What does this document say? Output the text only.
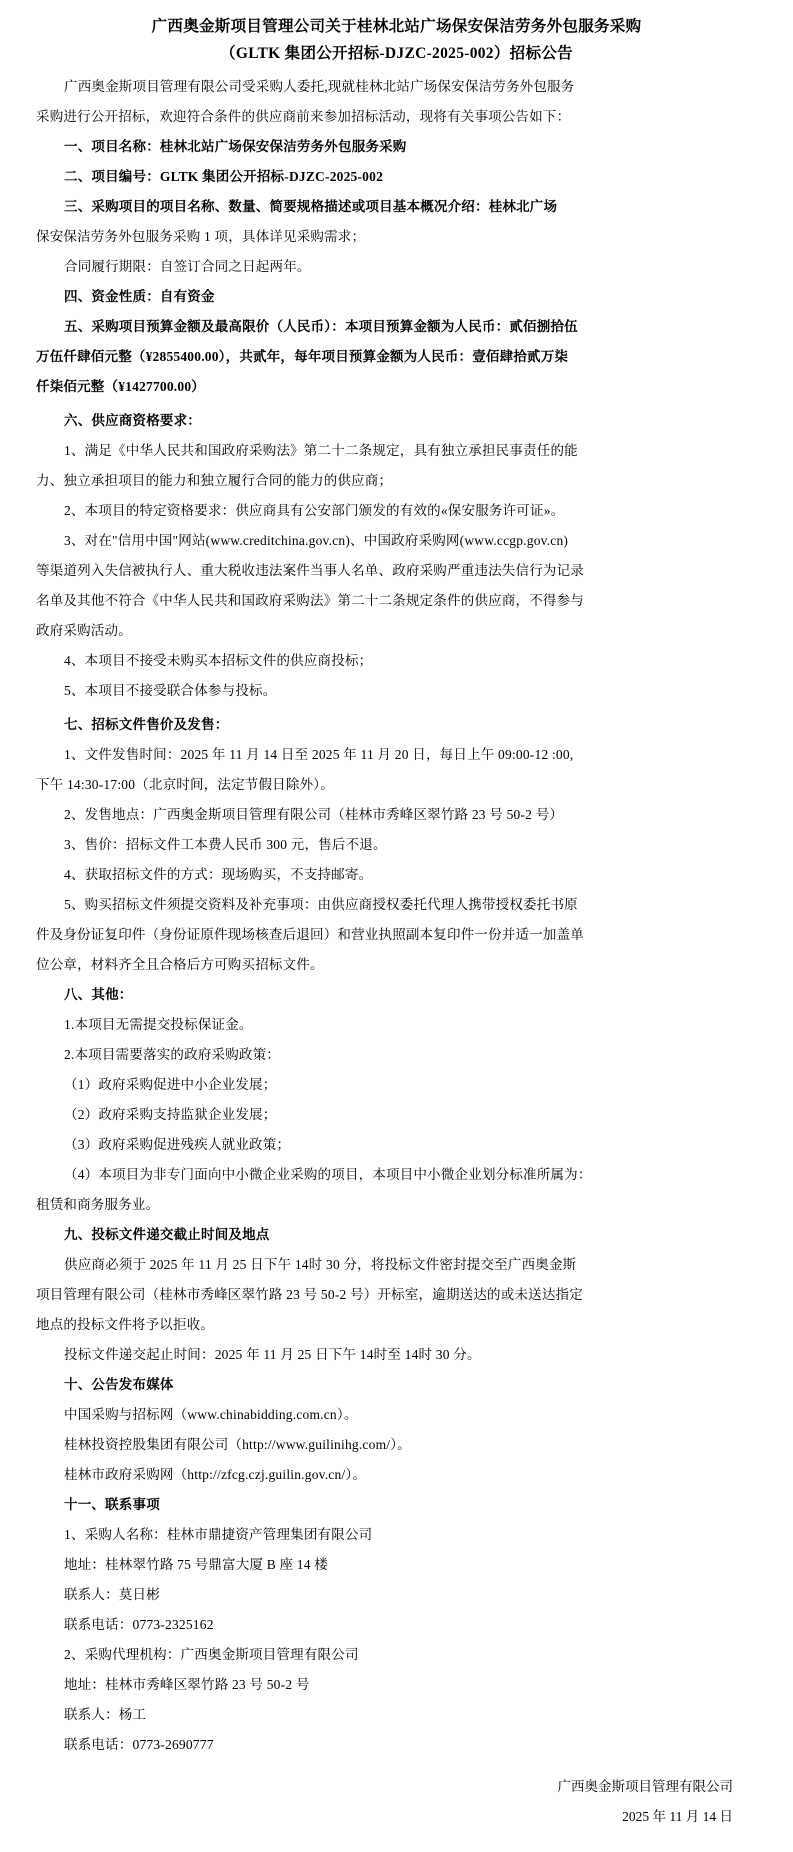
广西奥金斯项目管理公司关于桂林北站广场保安保洁劳务外包服务采购
（GLTK 集团公开招标-DJZC-2025-002）招标公告

广西奥金斯项目管理有限公司受采购人委托,现就桂林北站广场保安保洁劳务外包服务

采购进行公开招标，欢迎符合条件的供应商前来参加招标活动，现将有关事项公告如下：

一、项目名称：桂林北站广场保安保洁劳务外包服务采购

二、项目编号：GLTK 集团公开招标-DJZC-2025-002

三、采购项目的项目名称、数量、简要规格描述或项目基本概况介绍：桂林北广场

保安保洁劳务外包服务采购 1 项，具体详见采购需求；

合同履行期限：自签订合同之日起两年。

四、资金性质：自有资金

五、采购项目预算金额及最高限价（人民币）：本项目预算金额为人民币：贰佰捌拾伍

万伍仟肆佰元整（¥2855400.00），共贰年，每年项目预算金额为人民币：壹佰肆拾贰万柒

仟柒佰元整（¥1427700.00）

六、供应商资格要求：

1、满足《中华人民共和国政府采购法》第二十二条规定，具有独立承担民事责任的能

力、独立承担项目的能力和独立履行合同的能力的供应商；

2、本项目的特定资格要求：供应商具有公安部门颁发的有效的«保安服务许可证»。

3、对在"信用中国"网站(www.creditchina.gov.cn)、中国政府采购网(www.ccgp.gov.cn)

等渠道列入失信被执行人、重大税收违法案件当事人名单、政府采购严重违法失信行为记录

名单及其他不符合《中华人民共和国政府采购法》第二十二条规定条件的供应商，不得参与

政府采购活动。

4、本项目不接受未购买本招标文件的供应商投标；

5、本项目不接受联合体参与投标。

七、招标文件售价及发售：

1、文件发售时间：2025 年 11 月 14 日至 2025 年 11 月 20 日，每日上午 09:00-12 :00,

下午 14:30-17:00（北京时间，法定节假日除外）。

2、发售地点：广西奥金斯项目管理有限公司（桂林市秀峰区翠竹路 23 号 50-2 号）

3、售价：招标文件工本费人民币 300 元，售后不退。

4、获取招标文件的方式：现场购买，不支持邮寄。

5、购买招标文件须提交资料及补充事项：由供应商授权委托代理人携带授权委托书原

件及身份证复印件（身份证原件现场核查后退回）和营业执照副本复印件一份并适一加盖单

位公章，材料齐全且合格后方可购买招标文件。

八、其他：

1.本项目无需提交投标保证金。

2.本项目需要落实的政府采购政策：

（1）政府采购促进中小企业发展；

（2）政府采购支持监狱企业发展；

（3）政府采购促进残疾人就业政策；

（4）本项目为非专门面向中小微企业采购的项目，本项目中小微企业划分标准所属为：

租赁和商务服务业。

九、投标文件递交截止时间及地点

供应商必须于 2025 年 11 月 25 日下午 14时 30 分，将投标文件密封提交至广西奥金斯

项目管理有限公司（桂林市秀峰区翠竹路 23 号 50-2 号）开标室，逾期送达的或未送达指定

地点的投标文件将予以拒收。

投标文件递交起止时间：2025 年 11 月 25 日下午 14时至 14时 30 分。

十、公告发布媒体

中国采购与招标网（www.chinabidding.com.cn）。

桂林投资控股集团有限公司（http://www.guilinihg.com/）。

桂林市政府采购网（http://zfcg.czj.guilin.gov.cn/）。

十一、联系事项

1、采购人名称：桂林市鼎捷资产管理集团有限公司

地址：桂林翠竹路 75 号鼎富大厦 B 座 14 楼

联系人：莫日彬

联系电话：0773-2325162

2、采购代理机构：广西奥金斯项目管理有限公司

地址：桂林市秀峰区翠竹路 23 号 50-2 号

联系人：杨工

联系电话：0773-2690777

广西奥金斯项目管理有限公司
2025 年 11 月 14 日
